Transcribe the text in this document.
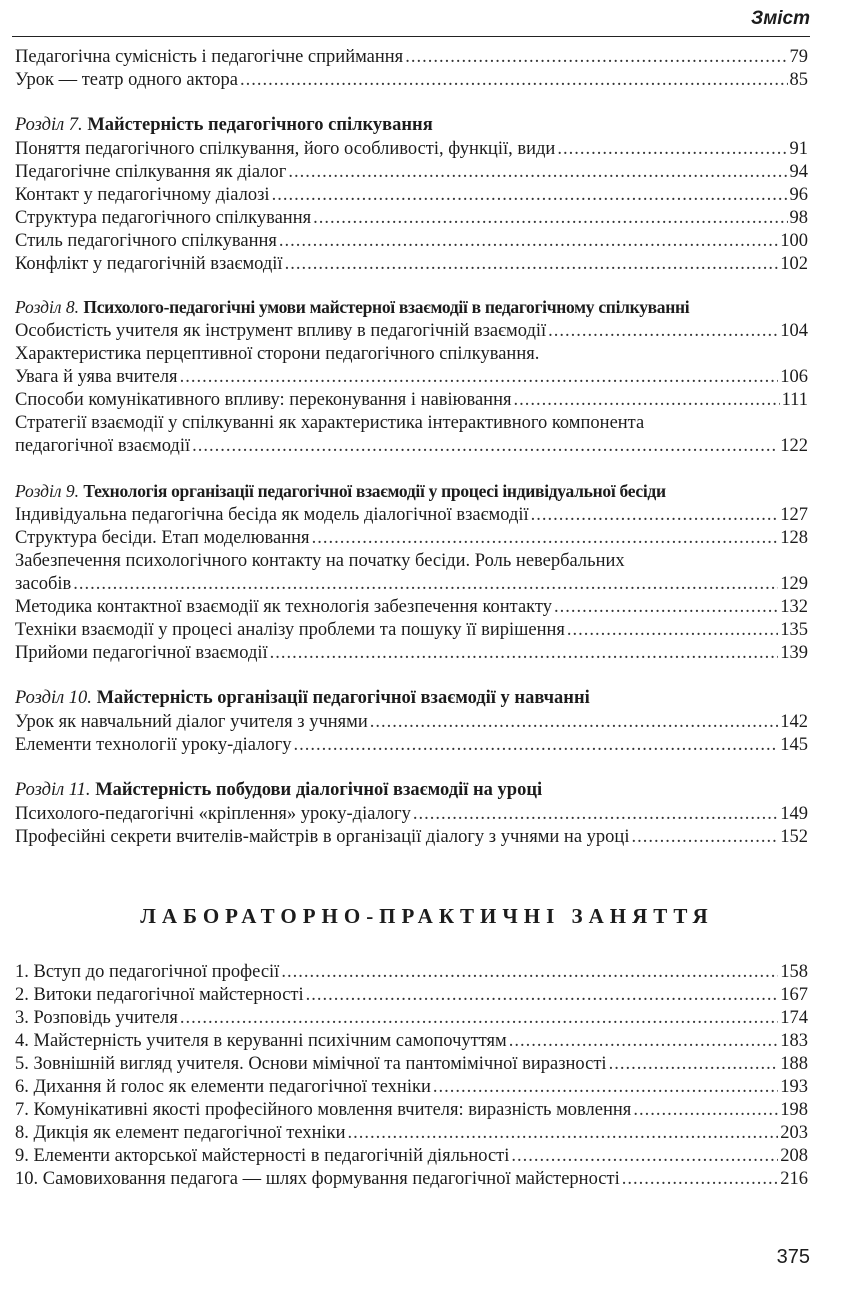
Зміст
Педагогічна сумісність і педагогічне сприймання .....	79
Урок — театр одного актора .....	85
Розділ 7. Майстерність педагогічного спілкування
Поняття педагогічного спілкування, його особливості, функції, види .....	91
Педагогічне спілкування як діалог .....	94
Контакт у педагогічному діалозі .....	96
Структура педагогічного спілкування .....	98
Стиль педагогічного спілкування .....	100
Конфлікт у педагогічній взаємодії .....	102
Розділ 8. Психолого-педагогічні умови майстерної взаємодії в педагогічному спілкуванні
Особистість учителя як інструмент впливу в педагогічній взаємодії .....	104
Характеристика перцептивної сторони педагогічного спілкування.
Увага й уява вчителя .....	106
Способи комунікативного впливу: переконування і навіювання .....	111
Стратегії взаємодії у спілкуванні як характеристика інтерактивного компонента
педагогічної взаємодії .....	122
Розділ 9. Технологія організації педагогічної взаємодії у процесі індивідуальної бесіди
Індивідуальна педагогічна бесіда як модель діалогічної взаємодії .....	127
Структура бесіди. Етап моделювання .....	128
Забезпечення психологічного контакту на початку бесіди. Роль невербальних
засобів .....	129
Методика контактної взаємодії як технологія забезпечення контакту .....	132
Техніки взаємодії у процесі аналізу проблеми та пошуку її вирішення .....	135
Прийоми педагогічної взаємодії .....	139
Розділ 10. Майстерність організації педагогічної взаємодії у навчанні
Урок як навчальний діалог учителя з учнями .....	142
Елементи технології уроку-діалогу .....	145
Розділ 11. Майстерність побудови діалогічної взаємодії на уроці
Психолого-педагогічні «кріплення» уроку-діалогу .....	149
Професійні секрети вчителів-майстрів в організації діалогу з учнями на уроці .....	152
ЛАБОРАТОРНО-ПРАКТИЧНІ ЗАНЯТТЯ
1. Вступ до педагогічної професії .....	158
2. Витоки педагогічної майстерності .....	167
3. Розповідь учителя .....	174
4. Майстерність учителя в керуванні психічним самопочуттям .....	183
5. Зовнішній вигляд учителя. Основи мімічної та пантомімічної виразності .....	188
6. Дихання й голос як елементи педагогічної техніки .....	193
7. Комунікативні якості професійного мовлення вчителя: виразність мовлення .....	198
8. Дикція як елемент педагогічної техніки .....	203
9. Елементи акторської майстерності в педагогічній діяльності .....	208
10. Самовиховання педагога — шлях формування педагогічної майстерності .....	216
375
